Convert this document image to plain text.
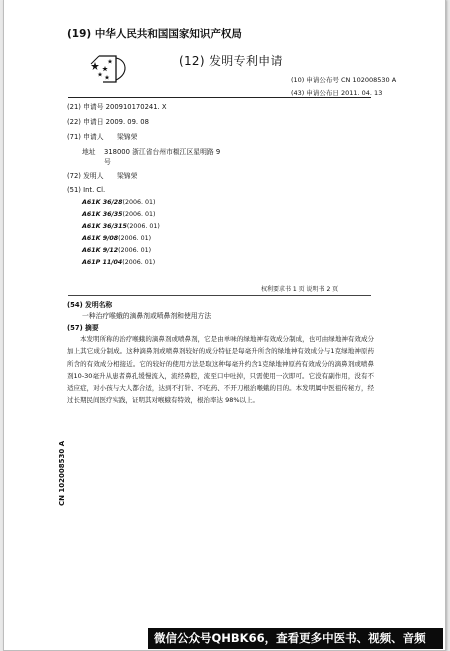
(19) 中华人民共和国国家知识产权局
(12) 发明专利申请
(10) 申请公布号 CN 102008530 A
(43) 申请公布日 2011. 04. 13
(21) 申请号 200910170241. X
(22) 申请日 2009. 09. 08
(71) 申请人 梁锦荣
地址 318000 浙江省台州市椒江区星明路 9
号
(72) 发明人 梁锦荣
(51) Int. Cl.
A61K 36/28(2006. 01)
A61K 36/35(2006. 01)
A61K 36/315(2006. 01)
A61K 9/08(2006. 01)
A61K 9/12(2006. 01)
A61P 11/04(2006. 01)
权利要求书 1 页 说明书 2 页
(54) 发明名称
一种治疗喉蛾的滴鼻剂或喷鼻剂和使用方法
(57) 摘要

本发明所称的治疗喉蛾的滴鼻剂或喷鼻剂，它是由单味的绿地神有效成分制成，也可由绿地神有效成分加上其它成分制成。这种滴鼻剂或喷鼻剂较好的成分特征是每毫升所含的绿地神有效成分与1克绿地神原药所含的有效成分相接近。它的较好的使用方法是取这种每毫升约含1克绿地神原药有效成分的滴鼻剂或喷鼻剂10-30毫升从患者鼻孔缓慢流入，流经鼻腔，流至口中吐掉，只需使用一次即可。它没有副作用，没有不适应症，对小孩与大人都合适，达到不打针、不吃药、不开刀根治喉蛾的目的。本发明属中医祖传秘方，经过长期民间医疗实践，证明其对喉蛾有特效，根治率达 98%以上。

CN 102008530 A
微信公众号QHBK66，查看更多中医书、视频、音频
